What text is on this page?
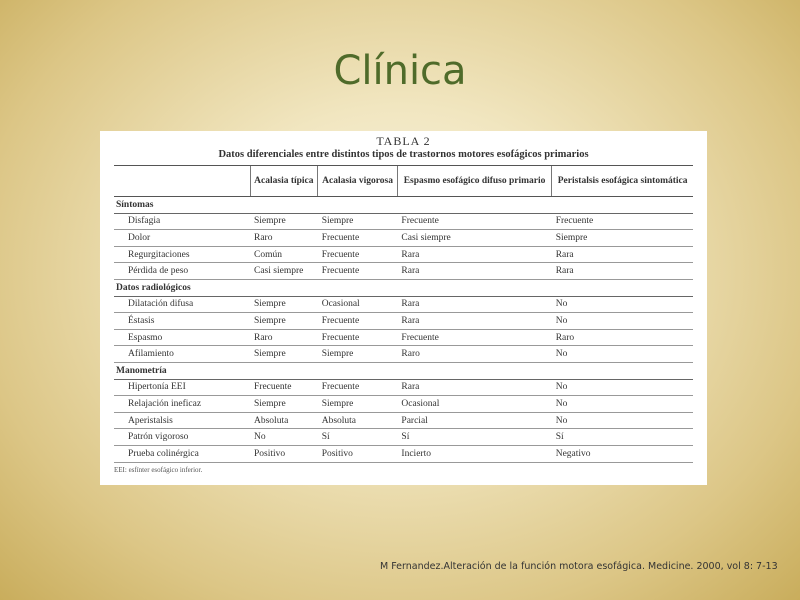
Clínica
TABLA 2
Datos diferenciales entre distintos tipos de trastornos motores esofágicos primarios
	Acalasia típica	Acalasia vigorosa	Espasmo esofágico difuso primario	Peristalsis esofágica sintomática
Síntomas				
Disfagia	Siempre	Siempre	Frecuente	Frecuente
Dolor	Raro	Frecuente	Casi siempre	Siempre
Regurgitaciones	Común	Frecuente	Rara	Rara
Pérdida de peso	Casi siempre	Frecuente	Rara	Rara
Datos radiológicos				
Dilatación difusa	Siempre	Ocasional	Rara	No
Éstasis	Siempre	Frecuente	Rara	No
Espasmo	Raro	Frecuente	Frecuente	Raro
Afilamiento	Siempre	Siempre	Raro	No
Manometría				
Hipertonía EEI	Frecuente	Frecuente	Rara	No
Relajación ineficaz	Siempre	Siempre	Ocasional	No
Aperistalsis	Absoluta	Absoluta	Parcial	No
Patrón vigoroso	No	Sí	Sí	Sí
Prueba colinérgica	Positivo	Positivo	Incierto	Negativo
EEI: esfínter esofágico inferior.
M Fernandez.Alteración de la función motora esofágica. Medicine. 2000, vol 8: 7-13
